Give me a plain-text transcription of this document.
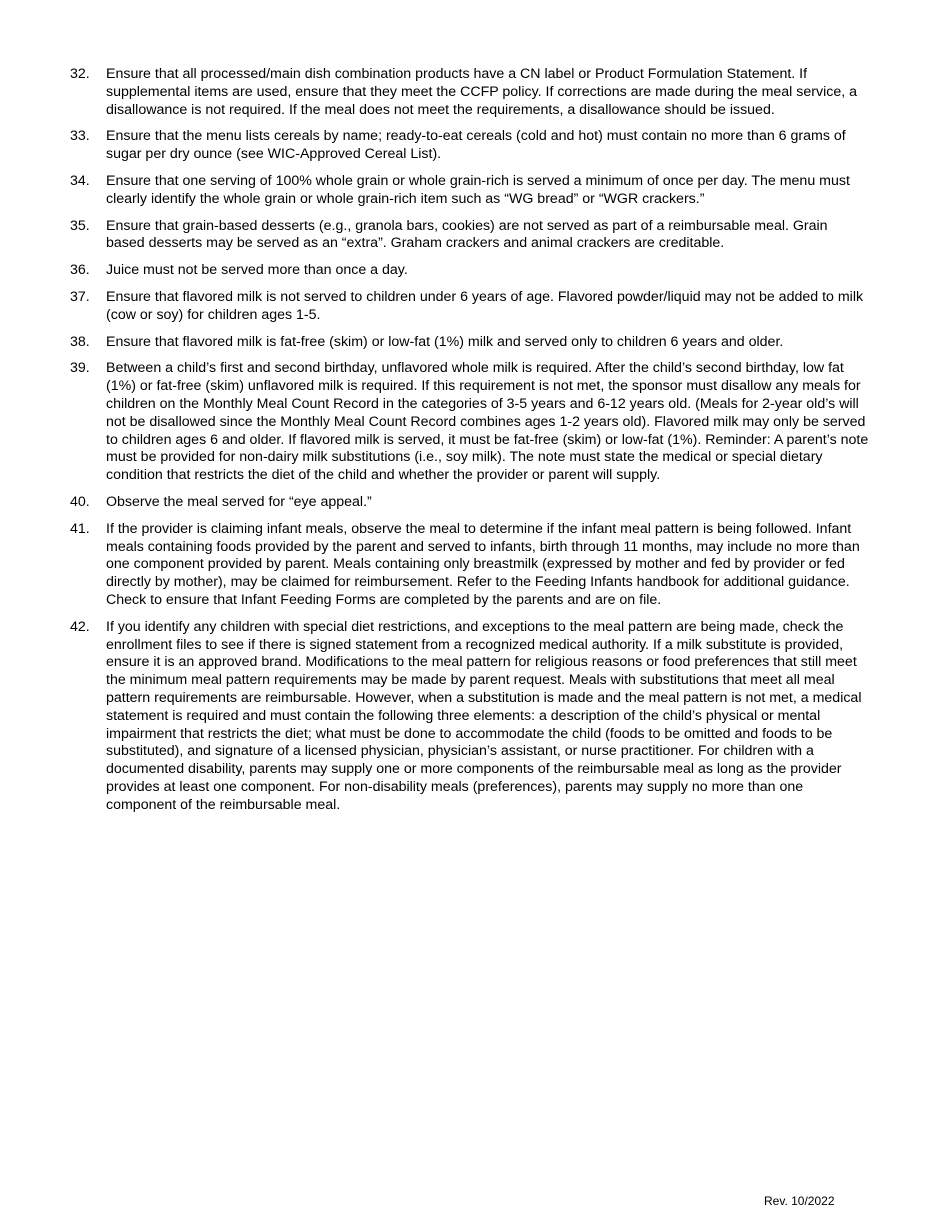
32.	Ensure that all processed/main dish combination products have a CN label or Product Formulation Statement. If supplemental items are used, ensure that they meet the CCFP policy. If corrections are made during the meal service, a disallowance is not required. If the meal does not meet the requirements, a disallowance should be issued.
33.	Ensure that the menu lists cereals by name; ready-to-eat cereals (cold and hot) must contain no more than 6 grams of sugar per dry ounce (see WIC-Approved Cereal List).
34.	Ensure that one serving of 100% whole grain or whole grain-rich is served a minimum of once per day. The menu must clearly identify the whole grain or whole grain-rich item such as “WG bread” or “WGR crackers.”
35.	Ensure that grain-based desserts (e.g., granola bars, cookies) are not served as part of a reimbursable meal. Grain based desserts may be served as an “extra”. Graham crackers and animal crackers are creditable.
36.	Juice must not be served more than once a day.
37.	Ensure that flavored milk is not served to children under 6 years of age. Flavored powder/liquid may not be added to milk (cow or soy) for children ages 1-5.
38.	Ensure that flavored milk is fat-free (skim) or low-fat (1%) milk and served only to children 6 years and older.
39.	Between a child’s first and second birthday, unflavored whole milk is required. After the child’s second birthday, low fat (1%) or fat-free (skim) unflavored milk is required. If this requirement is not met, the sponsor must disallow any meals for children on the Monthly Meal Count Record in the categories of 3-5 years and 6-12 years old. (Meals for 2-year old’s will not be disallowed since the Monthly Meal Count Record combines ages 1-2 years old). Flavored milk may only be served to children ages 6 and older. If flavored milk is served, it must be fat-free (skim) or low-fat (1%). Reminder: A parent’s note must be provided for non-dairy milk substitutions (i.e., soy milk). The note must state the medical or special dietary condition that restricts the diet of the child and whether the provider or parent will supply.
40.	Observe the meal served for “eye appeal.”
41.	If the provider is claiming infant meals, observe the meal to determine if the infant meal pattern is being followed. Infant meals containing foods provided by the parent and served to infants, birth through 11 months, may include no more than one component provided by parent. Meals containing only breastmilk (expressed by mother and fed by provider or fed directly by mother), may be claimed for reimbursement. Refer to the Feeding Infants handbook for additional guidance. Check to ensure that Infant Feeding Forms are completed by the parents and are on file.
42.	If you identify any children with special diet restrictions, and exceptions to the meal pattern are being made, check the enrollment files to see if there is signed statement from a recognized medical authority. If a milk substitute is provided, ensure it is an approved brand. Modifications to the meal pattern for religious reasons or food preferences that still meet the minimum meal pattern requirements may be made by parent request. Meals with substitutions that meet all meal pattern requirements are reimbursable. However, when a substitution is made and the meal pattern is not met, a medical statement is required and must contain the following three elements: a description of the child’s physical or mental impairment that restricts the diet; what must be done to accommodate the child (foods to be omitted and foods to be substituted), and signature of a licensed physician, physician’s assistant, or nurse practitioner. For children with a documented disability, parents may supply one or more components of the reimbursable meal as long as the provider provides at least one component. For non-disability meals (preferences), parents may supply no more than one component of the reimbursable meal.
Rev. 10/2022
